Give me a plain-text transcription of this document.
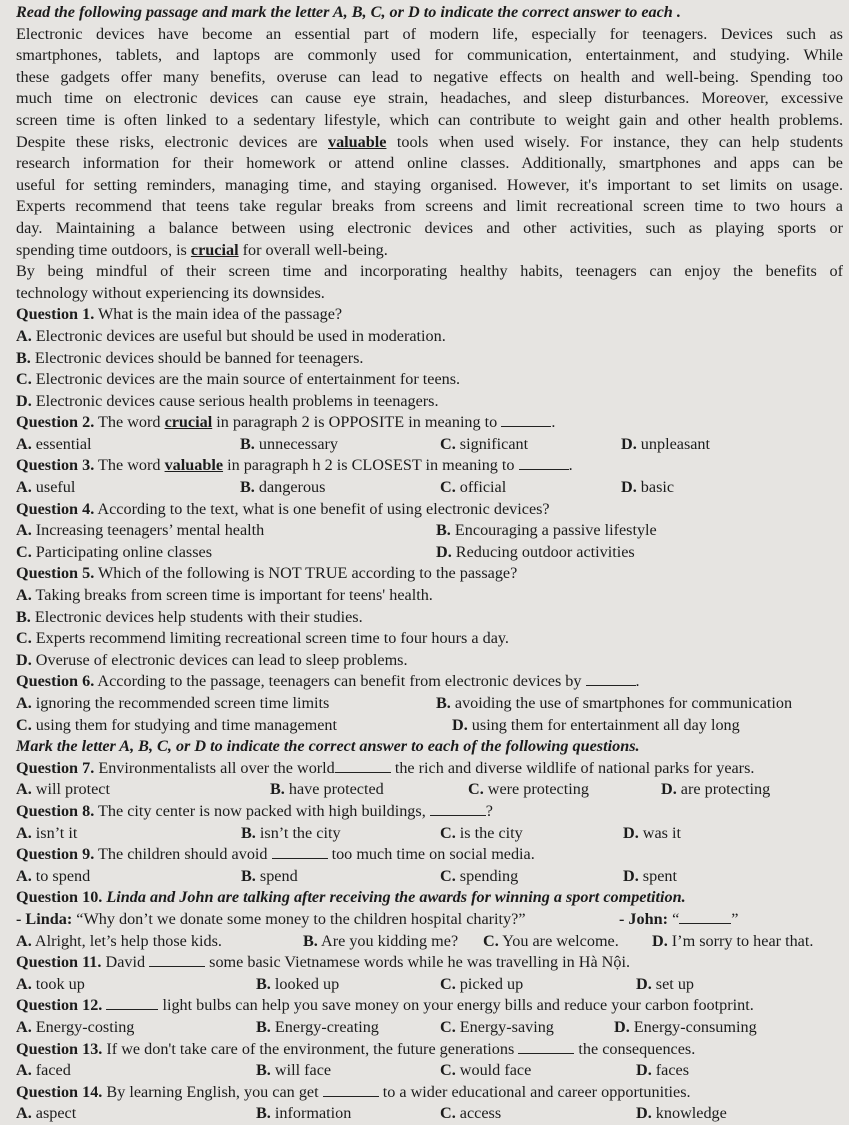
Read the following passage and mark the letter A, B, C, or D to indicate the correct answer to each .
Electronic devices have become an essential part of modern life, especially for teenagers. Devices such as
smartphones, tablets, and laptops are commonly used for communication, entertainment, and studying. While
these gadgets offer many benefits, overuse can lead to negative effects on health and well-being. Spending too
much time on electronic devices can cause eye strain, headaches, and sleep disturbances. Moreover, excessive
screen time is often linked to a sedentary lifestyle, which can contribute to weight gain and other health problems.
Despite these risks, electronic devices are valuable tools when used wisely. For instance, they can help students
research information for their homework or attend online classes. Additionally, smartphones and apps can be
useful for setting reminders, managing time, and staying organised. However, it's important to set limits on usage.
Experts recommend that teens take regular breaks from screens and limit recreational screen time to two hours a
day. Maintaining a balance between using electronic devices and other activities, such as playing sports or
spending time outdoors, is crucial for overall well-being.
By being mindful of their screen time and incorporating healthy habits, teenagers can enjoy the benefits of
technology without experiencing its downsides.
Question 1. What is the main idea of the passage?
A. Electronic devices are useful but should be used in moderation.
B. Electronic devices should be banned for teenagers.
C. Electronic devices are the main source of entertainment for teens.
D. Electronic devices cause serious health problems in teenagers.
Question 2. The word crucial in paragraph 2 is OPPOSITE in meaning to	.
A. essential	B. unnecessary	C. significant	D. unpleasant
Question 3. The word valuable in paragraph h 2 is CLOSEST in meaning to	.
A. useful	B. dangerous	C. official	D. basic
Question 4. According to the text, what is one benefit of using electronic devices?
A. Increasing teenagers’ mental health	B. Encouraging a passive lifestyle
C. Participating online classes	D. Reducing outdoor activities
Question 5. Which of the following is NOT TRUE according to the passage?
A. Taking breaks from screen time is important for teens' health.
B. Electronic devices help students with their studies.
C. Experts recommend limiting recreational screen time to four hours a day.
D. Overuse of electronic devices can lead to sleep problems.
Question 6. According to the passage, teenagers can benefit from electronic devices by	.
A. ignoring the recommended screen time limits	B. avoiding the use of smartphones for communication
C. using them for studying and time management	D. using them for entertainment all day long
Mark the letter A, B, C, or D to indicate the correct answer to each of the following questions.
Question 7. Environmentalists all over the world	the rich and diverse wildlife of national parks for years.
A. will protect	B. have protected	C. were protecting	D. are protecting
Question 8. The city center is now packed with high buildings,	?
A. isn’t it	B. isn’t the city	C. is the city	D. was it
Question 9. The children should avoid	too much time on social media.
A. to spend	B. spend	C. spending	D. spent
Question 10. Linda and John are talking after receiving the awards for winning a sport competition.
- Linda: “Why don’t we donate some money to the children hospital charity?”	- John: “	”
A. Alright, let’s help those kids.	B. Are you kidding me? C. You are welcome. D. I’m sorry to hear that.
Question 11. David	some basic Vietnamese words while he was travelling in Hà Nội.
A. took up	B. looked up	C. picked up	D. set up
Question 12.	light bulbs can help you save money on your energy bills and reduce your carbon footprint.
A. Energy-costing	B. Energy-creating	C. Energy-saving	D. Energy-consuming
Question 13. If we don't take care of the environment, the future generations	the consequences.
A. faced	B. will face	C. would face	D. faces
Question 14. By learning English, you can get	to a wider educational and career opportunities.
A. aspect	B. information	C. access	D. knowledge
